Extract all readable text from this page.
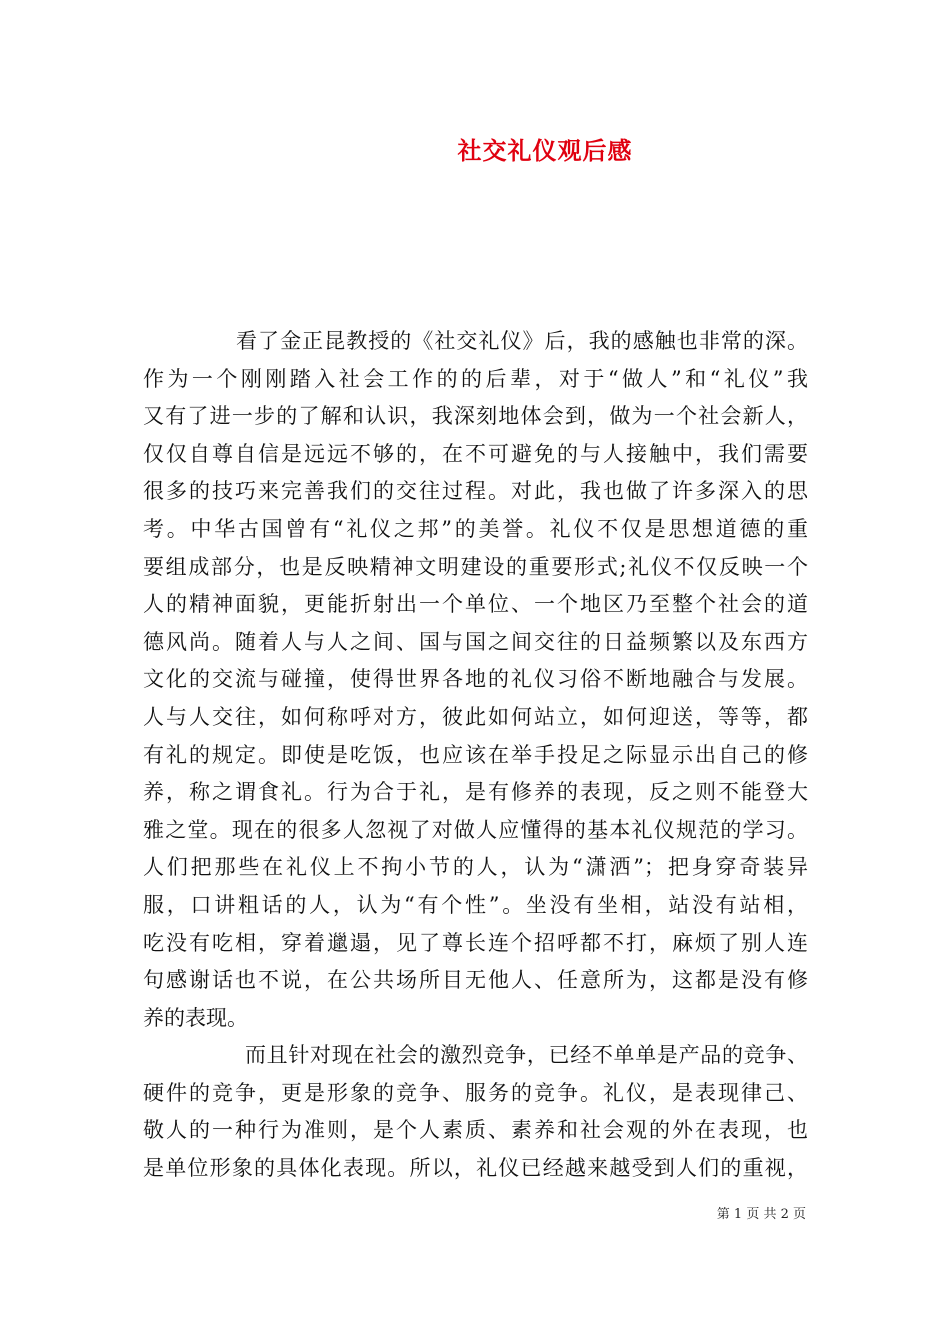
社交礼仪观后感
看了金正昆教授的《社交礼仪》后，我的感触也非常的深。
作为一个刚刚踏入社会工作的的后辈，对于“做人”和“礼仪”我
又有了进一步的了解和认识，我深刻地体会到，做为一个社会新人，
仅仅自尊自信是远远不够的，在不可避免的与人接触中，我们需要
很多的技巧来完善我们的交往过程。对此，我也做了许多深入的思
考。中华古国曾有“礼仪之邦”的美誉。礼仪不仅是思想道德的重
要组成部分，也是反映精神文明建设的重要形式;礼仪不仅反映一个
人的精神面貌，更能折射出一个单位、一个地区乃至整个社会的道
德风尚。随着人与人之间、国与国之间交往的日益频繁以及东西方
文化的交流与碰撞，使得世界各地的礼仪习俗不断地融合与发展。
人与人交往，如何称呼对方，彼此如何站立，如何迎送，等等，都
有礼的规定。即使是吃饭，也应该在举手投足之际显示出自己的修
养，称之谓食礼。行为合于礼，是有修养的表现，反之则不能登大
雅之堂。现在的很多人忽视了对做人应懂得的基本礼仪规范的学习。
人们把那些在礼仪上不拘小节的人，认为“潇洒”；把身穿奇装异
服，口讲粗话的人，认为“有个性”。坐没有坐相，站没有站相，
吃没有吃相，穿着邋遢，见了尊长连个招呼都不打，麻烦了别人连
句感谢话也不说，在公共场所目无他人、任意所为，这都是没有修
养的表现。
而且针对现在社会的激烈竞争，已经不单单是产品的竞争、
硬件的竞争，更是形象的竞争、服务的竞争。礼仪，是表现律己、
敬人的一种行为准则，是个人素质、素养和社会观的外在表现，也
是单位形象的具体化表现。所以，礼仪已经越来越受到人们的重视，
第 1 页 共 2 页
